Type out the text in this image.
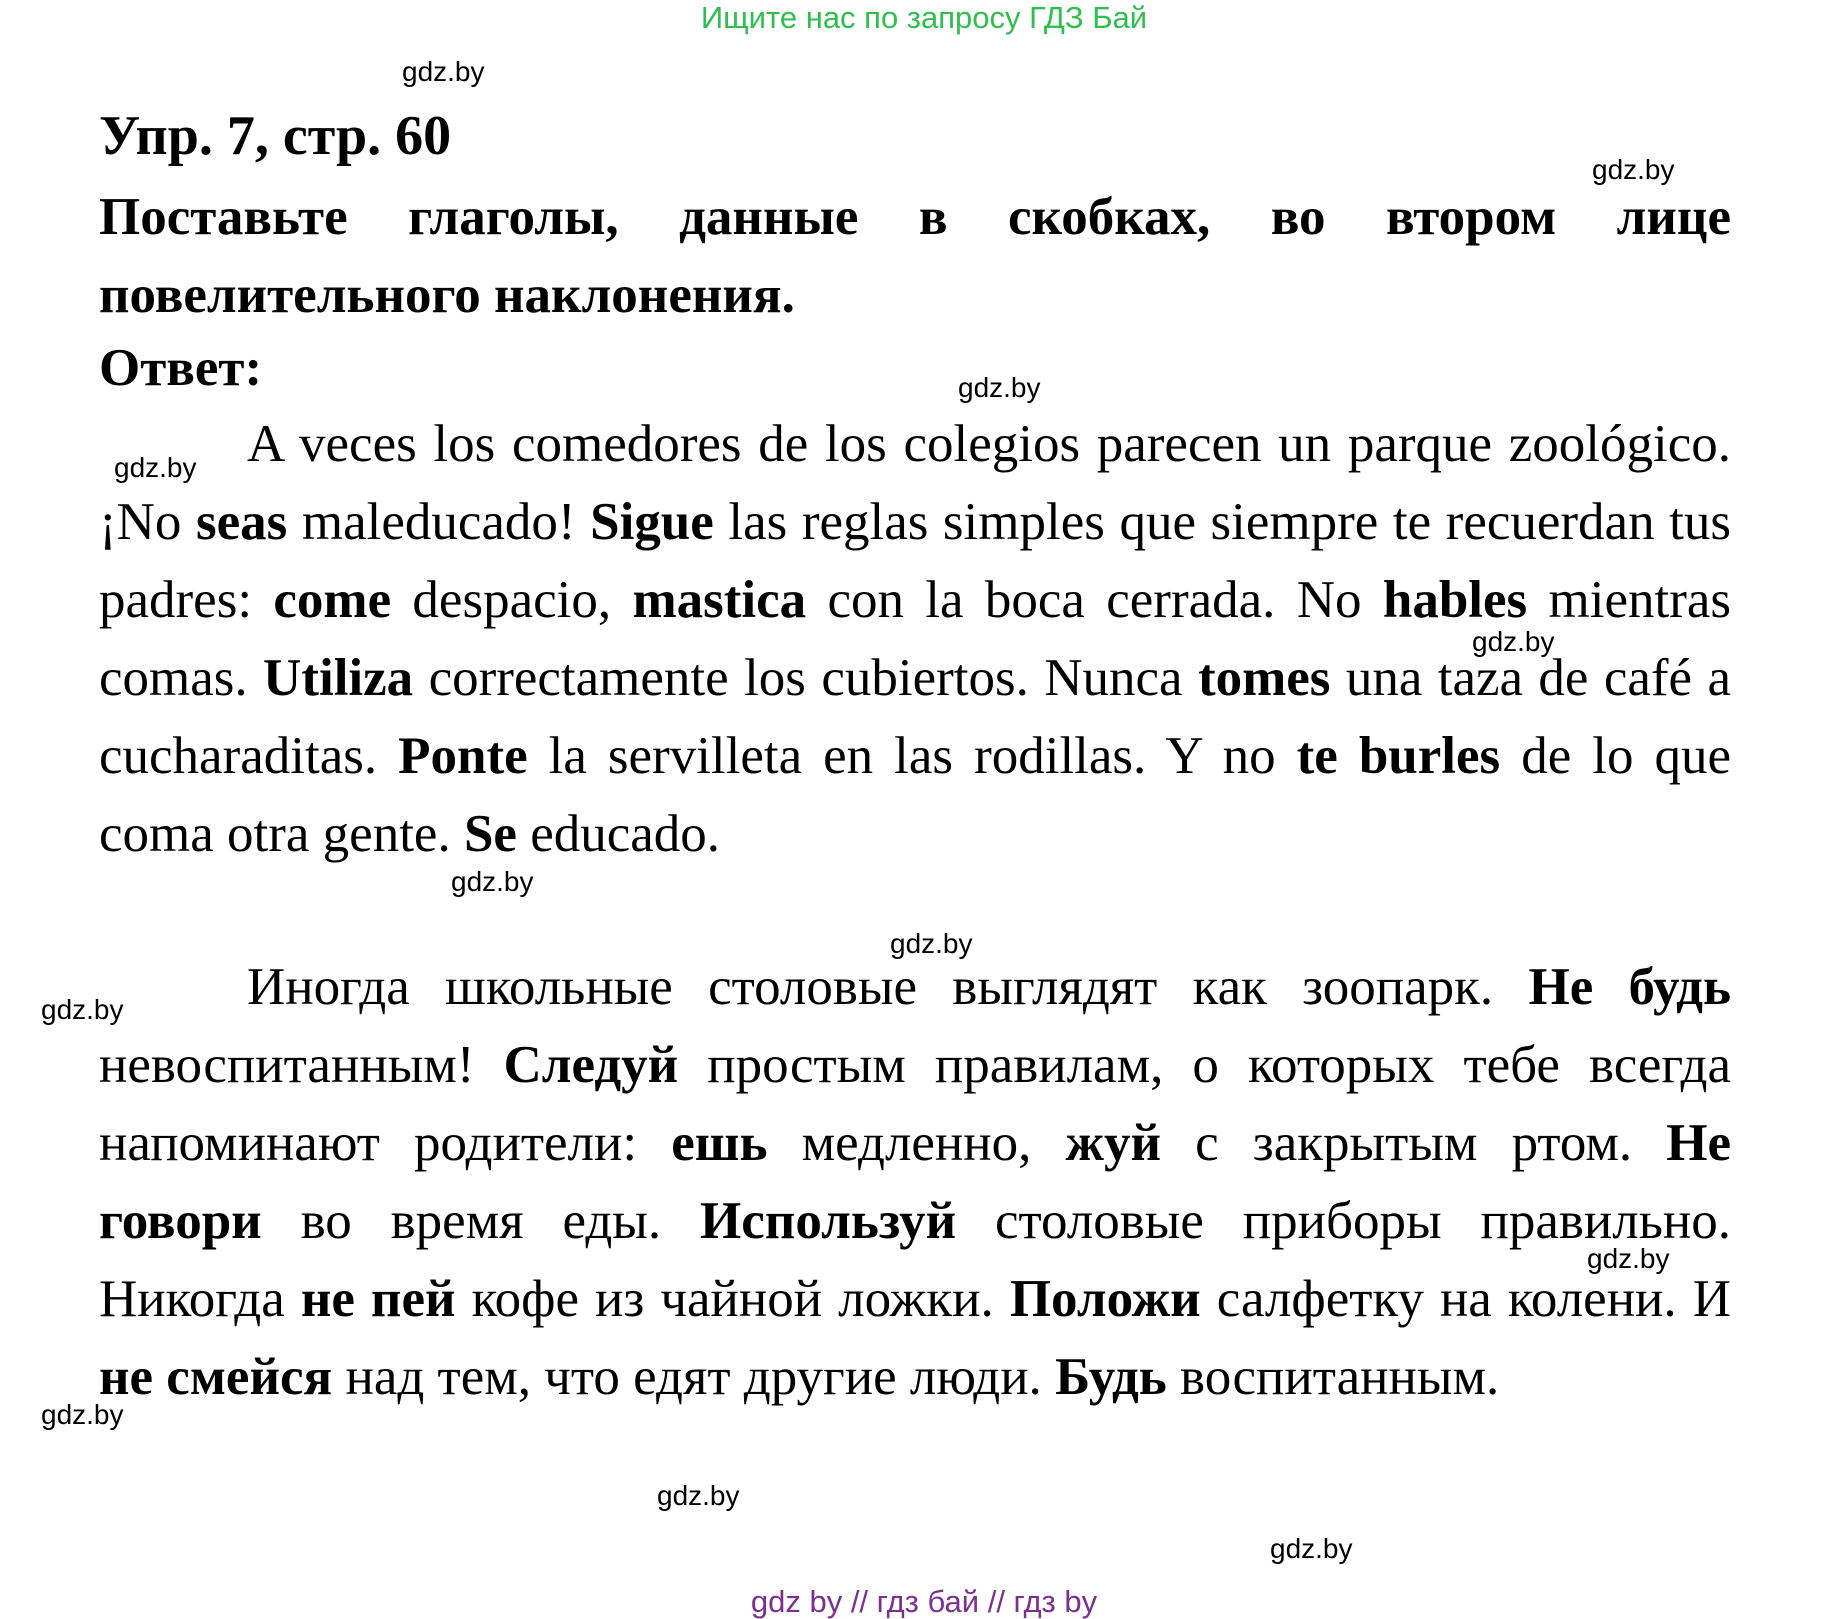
Ищите нас по запросу ГДЗ Бай
Упр. 7, стр. 60

Поставьте глаголы, данные в скобках, во втором лице повелительного наклонения.

Ответ:

A veces los comedores de los colegios parecen un parque zoológico. ¡No seas maleducado! Sigue las reglas simples que siempre te recuerdan tus padres: come despacio, mastica con la boca cerrada. No hables mientras comas. Utiliza correctamente los cubiertos. Nunca tomes una taza de café a cucharaditas. Ponte la servilleta en las rodillas. Y no te burles de lo que coma otra gente. Se educado.

Иногда школьные столовые выглядят как зоопарк. Не будь невоспитанным! Следуй простым правилам, о которых тебе всегда напоминают родители: ешь медленно, жуй с закрытым ртом. Не говори во время еды. Используй столовые приборы правильно. Никогда не пей кофе из чайной ложки. Положи салфетку на колени. И не смейся над тем, что едят другие люди. Будь воспитанным.

gdz.by
gdz.by
gdz.by
gdz.by
gdz.by
gdz.by
gdz.by
gdz.by
gdz.by
gdz.by
gdz.by
gdz.by
gdz by // гдз бай // гдз by
